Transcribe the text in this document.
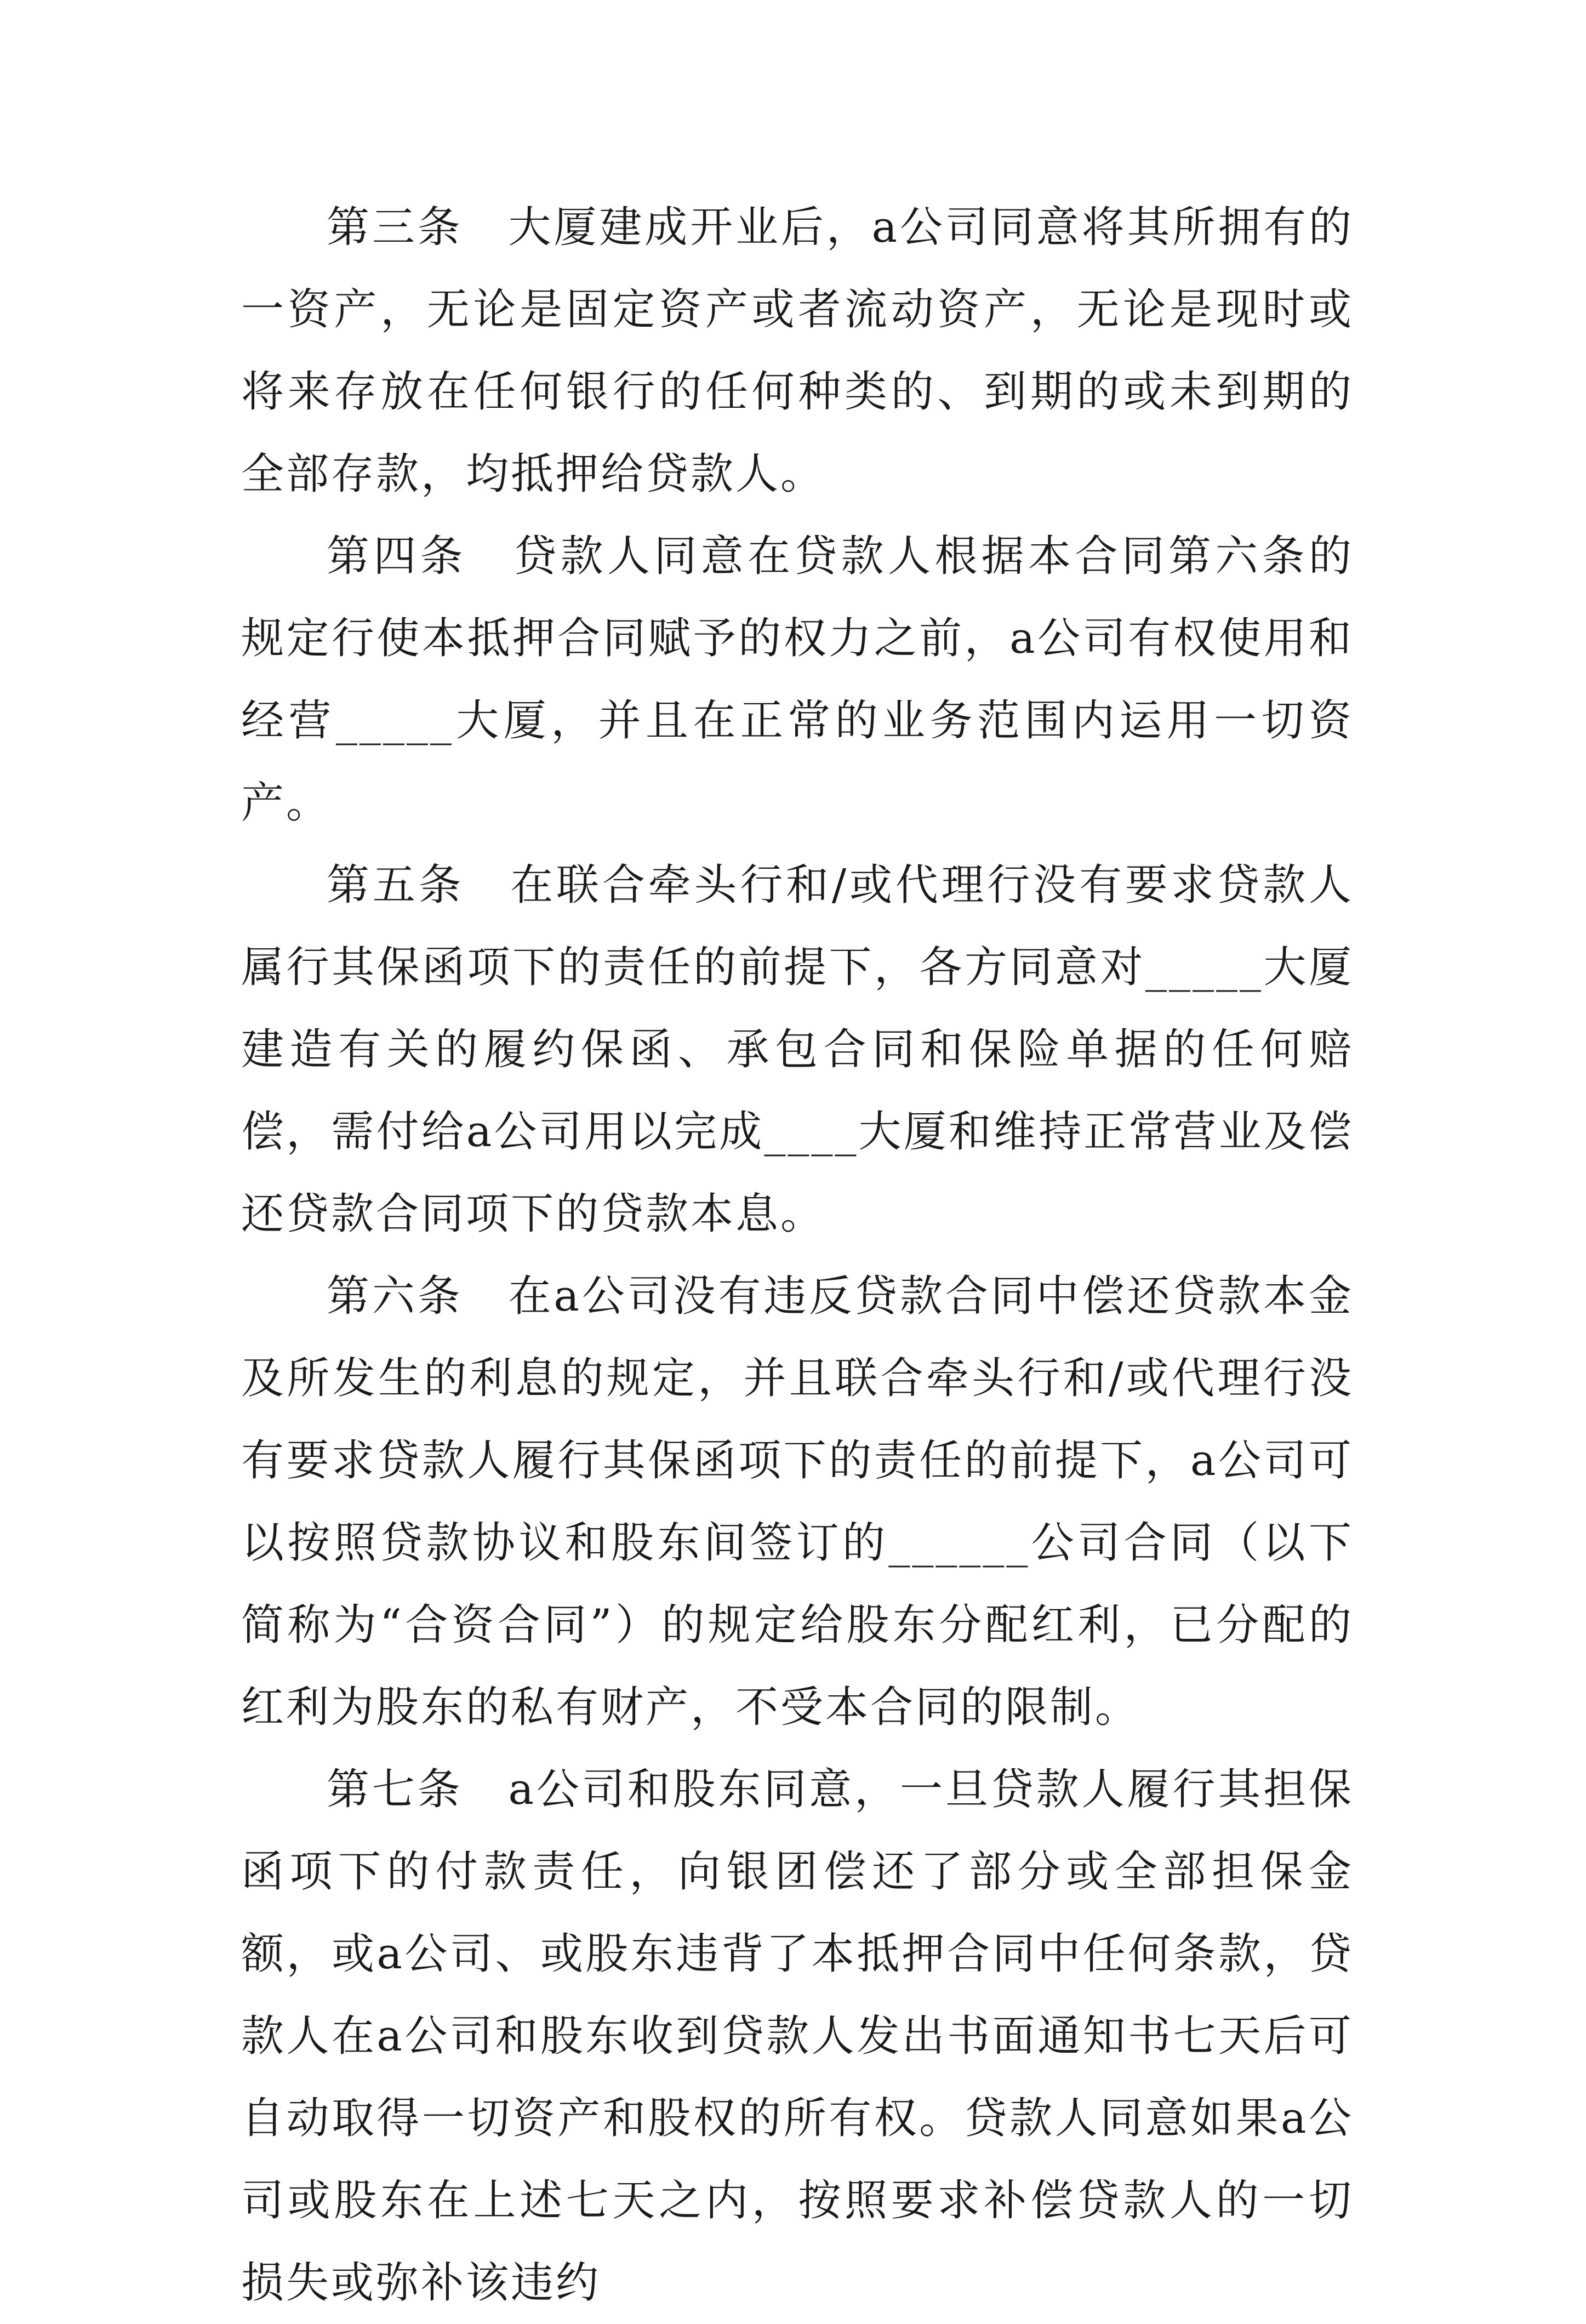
第三条　大厦建成开业后，a公司同意将其所拥有的一资产，无论是固定资产或者流动资产，无论是现时或将来存放在任何银行的任何种类的、到期的或未到期的全部存款，均抵押给贷款人。

第四条　贷款人同意在贷款人根据本合同第六条的规定行使本抵押合同赋予的权力之前，a公司有权使用和经营_____大厦，并且在正常的业务范围内运用一切资产。

第五条　在联合牵头行和/或代理行没有要求贷款人属行其保函项下的责任的前提下，各方同意对_____大厦建造有关的履约保函、承包合同和保险单据的任何赔偿，需付给a公司用以完成____大厦和维持正常营业及偿还贷款合同项下的贷款本息。

第六条　在a公司没有违反贷款合同中偿还贷款本金及所发生的利息的规定，并且联合牵头行和/或代理行没有要求贷款人履行其保函项下的责任的前提下，a公司可以按照贷款协议和股东间签订的______公司合同（以下简称为“合资合同”）的规定给股东分配红利，已分配的红利为股东的私有财产，不受本合同的限制。

第七条　a公司和股东同意，一旦贷款人履行其担保函项下的付款责任，向银团偿还了部分或全部担保金额，或a公司、或股东违背了本抵押合同中任何条款，贷款人在a公司和股东收到贷款人发出书面通知书七天后可自动取得一切资产和股权的所有权。贷款人同意如果a公司或股东在上述七天之内，按照要求补偿贷款人的一切损失或弥补该违约
